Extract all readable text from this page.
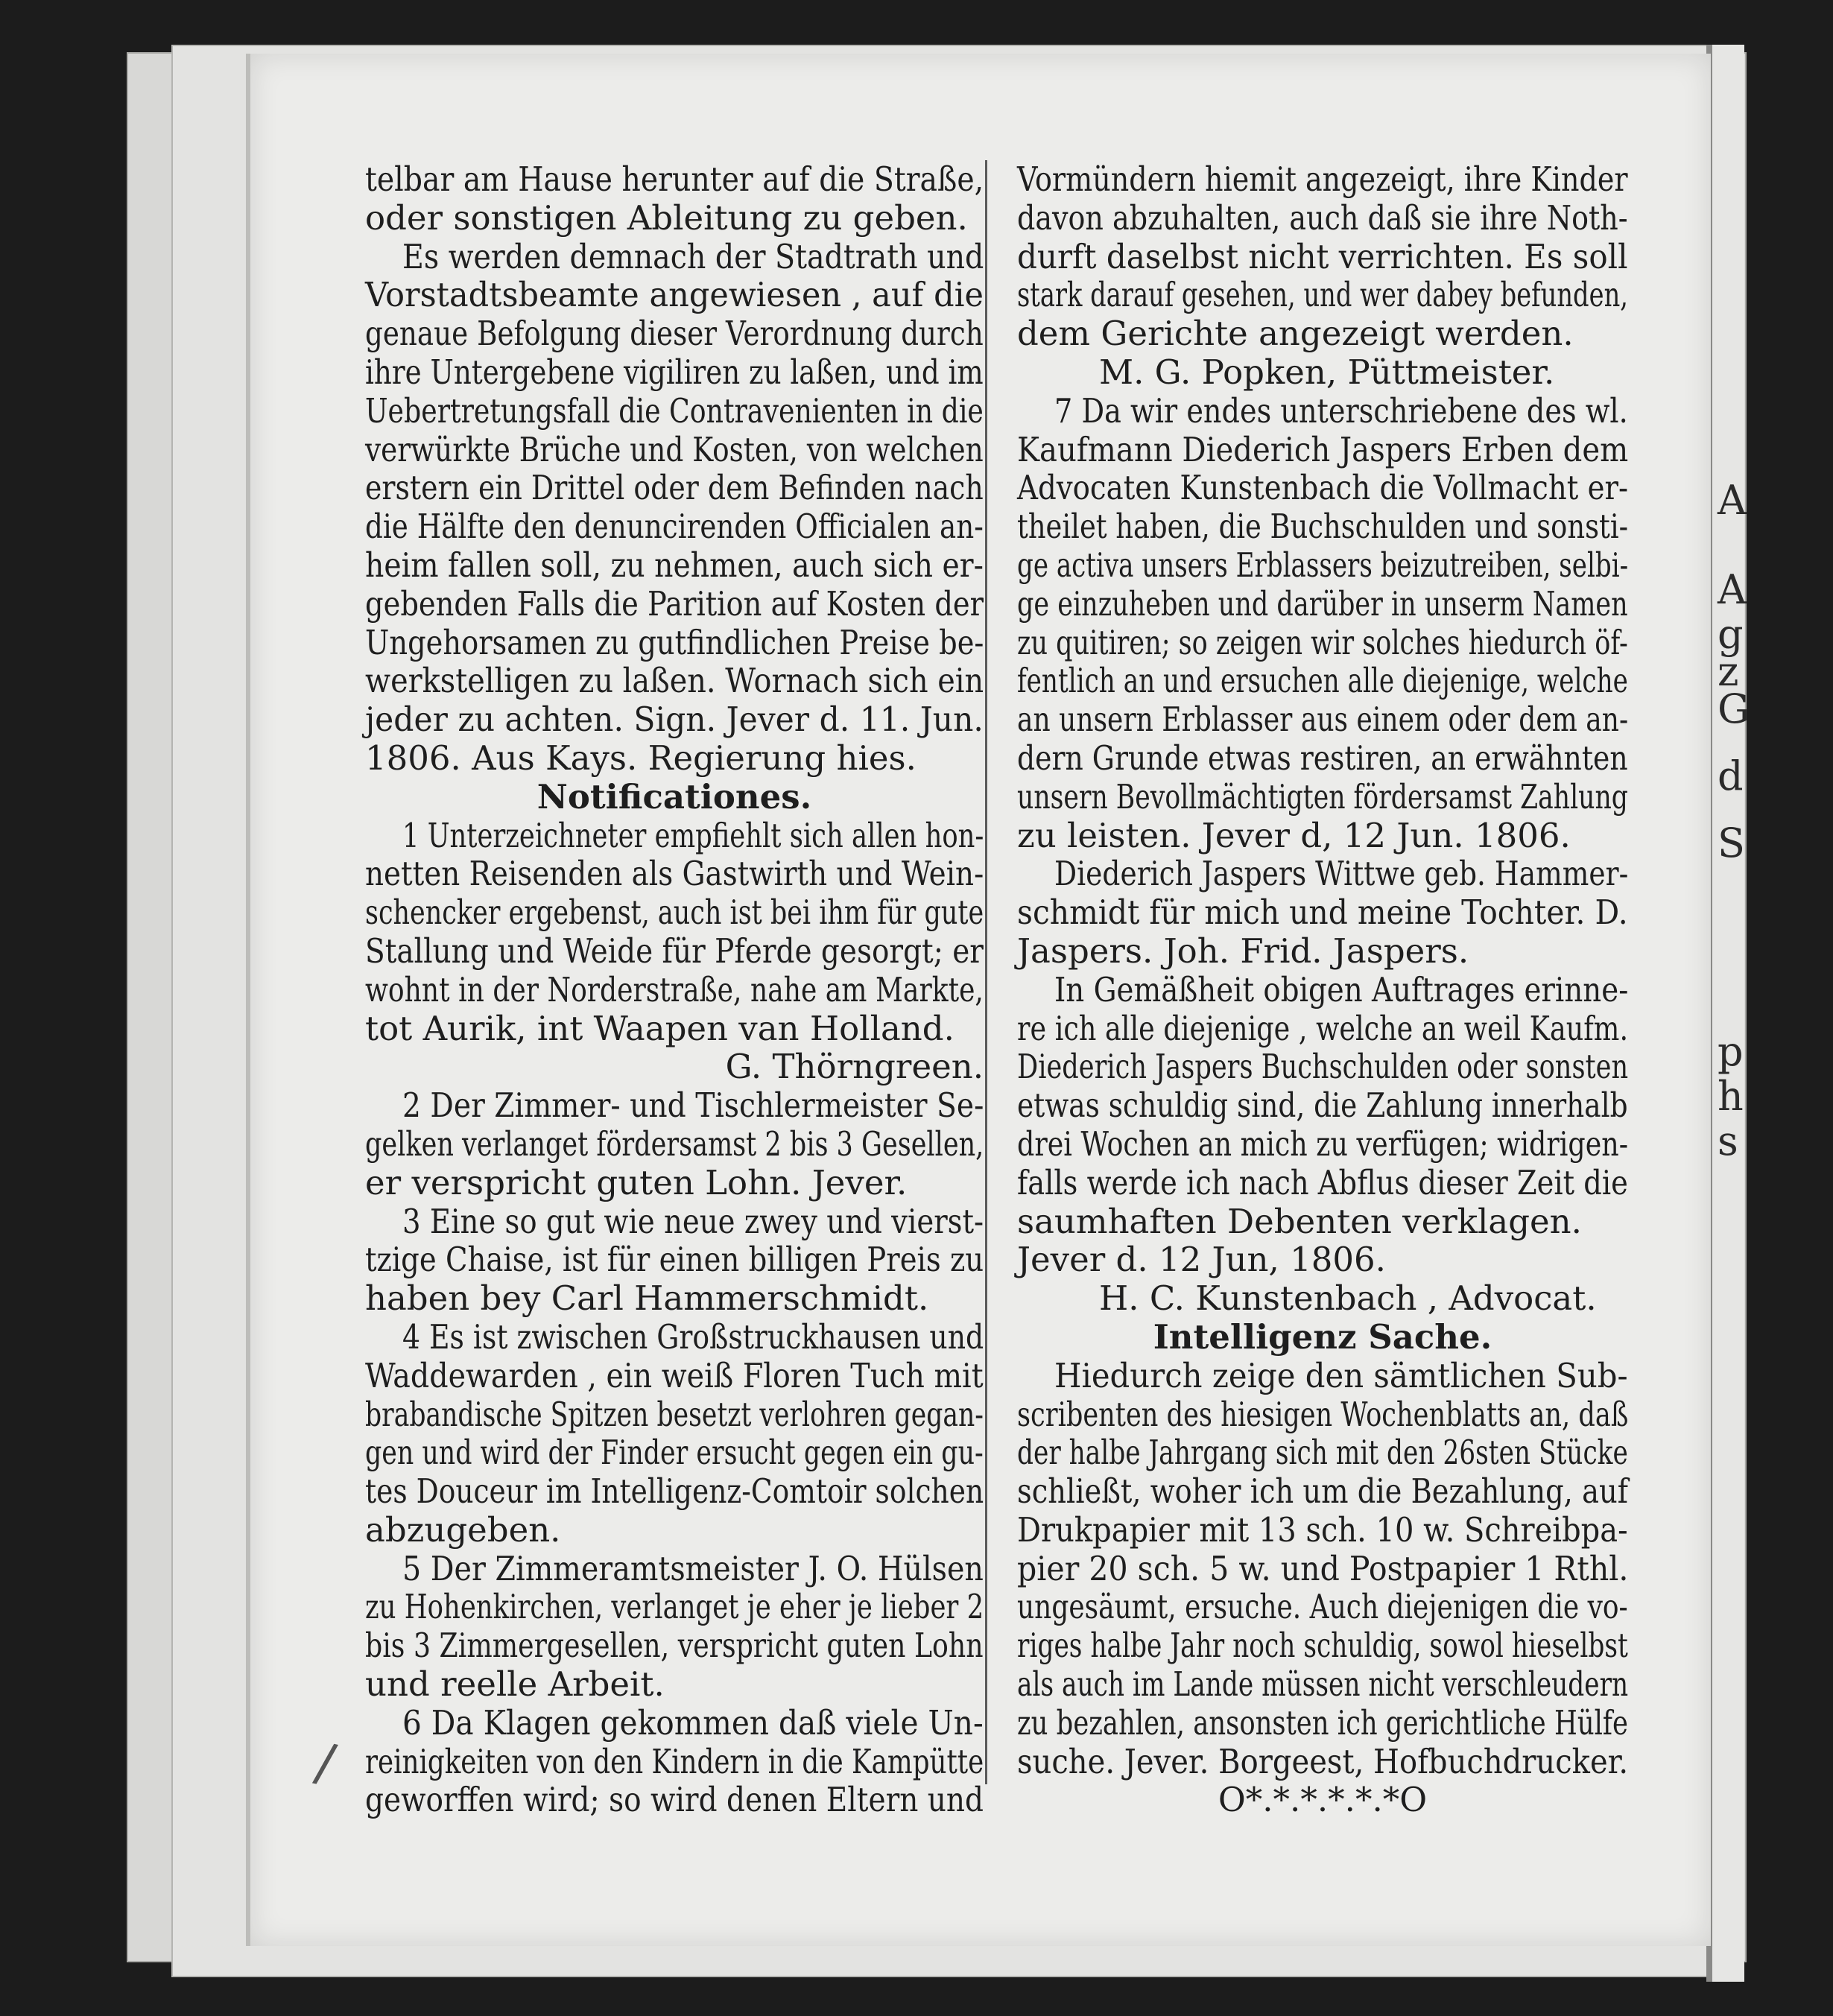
A
A
g
z
G
d
S
p
h
s
telbar am Hause herunter auf die Straße,
oder sonstigen Ableitung zu geben.
Es werden demnach der Stadtrath und
Vorstadtsbeamte angewiesen , auf die
genaue Befolgung dieser Verordnung durch
ihre Untergebene vigiliren zu laßen, und im
Uebertretungsfall die Contravenienten in die
verwürkte Brüche und Kosten, von welchen
erstern ein Drittel oder dem Befinden nach
die Hälfte den denuncirenden Officialen an-
heim fallen soll, zu nehmen, auch sich er-
gebenden Falls die Parition auf Kosten der
Ungehorsamen zu gutfindlichen Preise be-
werkstelligen zu laßen. Wornach sich ein
jeder zu achten. Sign. Jever d. 11. Jun.
1806. Aus Kays. Regierung hies.
Notificationes.
1 Unterzeichneter empfiehlt sich allen hon-
netten Reisenden als Gastwirth und Wein-
schencker ergebenst, auch ist bei ihm für gute
Stallung und Weide für Pferde gesorgt; er
wohnt in der Norderstraße, nahe am Markte,
tot Aurik, int Waapen van Holland.
G. Thörngreen.
2 Der Zimmer- und Tischlermeister Se-
gelken verlanget fördersamst 2 bis 3 Gesellen,
er verspricht guten Lohn. Jever.
3 Eine so gut wie neue zwey und vierst-
tzige Chaise, ist für einen billigen Preis zu
haben bey Carl Hammerschmidt.
4 Es ist zwischen Großstruckhausen und
Waddewarden , ein weiß Floren Tuch mit
brabandische Spitzen besetzt verlohren gegan-
gen und wird der Finder ersucht gegen ein gu-
tes Douceur im Intelligenz-Comtoir solchen
abzugeben.
5 Der Zimmeramtsmeister J. O. Hülsen
zu Hohenkirchen, verlanget je eher je lieber 2
bis 3 Zimmergesellen, verspricht guten Lohn
und reelle Arbeit.
6 Da Klagen gekommen daß viele Un-
reinigkeiten von den Kindern in die Kampütte
geworffen wird; so wird denen Eltern und
Vormündern hiemit angezeigt, ihre Kinder
davon abzuhalten, auch daß sie ihre Noth-
durft daselbst nicht verrichten. Es soll
stark darauf gesehen, und wer dabey befunden,
dem Gerichte angezeigt werden.
M. G. Popken, Püttmeister.
7 Da wir endes unterschriebene des wl.
Kaufmann Diederich Jaspers Erben dem
Advocaten Kunstenbach die Vollmacht er-
theilet haben, die Buchschulden und sonsti-
ge activa unsers Erblassers beizutreiben, selbi-
ge einzuheben und darüber in unserm Namen
zu quitiren; so zeigen wir solches hiedurch öf-
fentlich an und ersuchen alle diejenige, welche
an unsern Erblasser aus einem oder dem an-
dern Grunde etwas restiren, an erwähnten
unsern Bevollmächtigten fördersamst Zahlung
zu leisten. Jever d, 12 Jun. 1806.
Diederich Jaspers Wittwe geb. Hammer-
schmidt für mich und meine Tochter. D.
Jaspers. Joh. Frid. Jaspers.
In Gemäßheit obigen Auftrages erinne-
re ich alle diejenige , welche an weil Kaufm.
Diederich Jaspers Buchschulden oder sonsten
etwas schuldig sind, die Zahlung innerhalb
drei Wochen an mich zu verfügen; widrigen-
falls werde ich nach Abflus dieser Zeit die
saumhaften Debenten verklagen.
Jever d. 12 Jun, 1806.
H. C. Kunstenbach , Advocat.
Intelligenz Sache.
Hiedurch zeige den sämtlichen Sub-
scribenten des hiesigen Wochenblatts an, daß
der halbe Jahrgang sich mit den 26sten Stücke
schließt, woher ich um die Bezahlung, auf
Drukpapier mit 13 sch. 10 w. Schreibpa-
pier 20 sch. 5 w. und Postpapier 1 Rthl.
ungesäumt, ersuche. Auch diejenigen die vo-
riges halbe Jahr noch schuldig, sowol hieselbst
als auch im Lande müssen nicht verschleudern
zu bezahlen, ansonsten ich gerichtliche Hülfe
suche. Jever. Borgeest, Hofbuchdrucker.
O*.*.*.*.*.*O
/
